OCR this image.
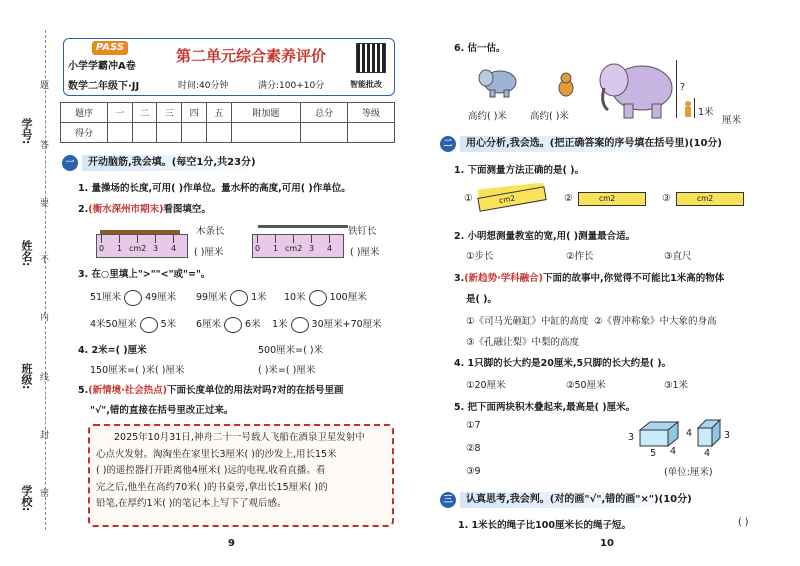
学号:
姓名:
班级:
学校:
题
答
要
不
内
线
封
密
PASS
小学学霸冲A卷
数学二年级下·JJ
第二单元综合素养评价
时间:40分钟	满分:100+10分	智能批改
题序	一	二	三	四	五	附加题	总分	等级
得分								
一	开动脑筋,我会填。(每空1分,共23分)
1. 量操场的长度,可用( )作单位。量水杯的高度,可用( )作单位。
2.(衡水深州市期末)看图填空。
木条长	铁钉长
0 1 cm2 3 4	0 1 cm2 3 4
( )厘米	( )厘米
3. 在○里填上">""<"或"="。
51厘米	49厘米 99厘米	1米 10米	100厘米
4米50厘米	5米 6厘米	6米 1米	30厘米+70厘米
4. 2米=( )厘米	500厘米=( )米
150厘米=( )米( )厘米	( )米=( )厘米
5.(新情境·社会热点)下面长度单位的用法对吗?对的在括号里画
"√",错的直接在括号里改正过来。
2025年10月31日,神舟二十一号载人飞船在酒泉卫星发射中
心点火发射。淘淘坐在家里长3厘米( )的沙发上,用长15米
( )的遥控器打开距离他4厘米( )远的电视,收看直播。看
完之后,他坐在高约70米( )的书桌旁,拿出长15厘米( )的
铅笔,在厚约1米( )的笔记本上写下了观后感。
9
6. 估一估。
?
1米
高约( )米 高约( )米	厘米
二	用心分析,我会选。(把正确答案的序号填在括号里)(10分)
1. 下面测量方法正确的是( )。
①	cm2	②	cm2	③	cm2
2. 小明想测量教室的宽,用( )测量最合适。
①步长	②拃长	③直尺
3.(新趋势·学科融合)下面的故事中,你觉得不可能比1米高的物体
是( )。
①《司马光砸缸》中缸的高度 ②《曹冲称象》中大象的身高
③《孔融让梨》中梨的高度
4. 1只脚的长大约是20厘米,5只脚的长大约是( )。
①20厘米	②50厘米	③1米
5. 把下面两块积木叠起来,最高是( )厘米。
①7
②8
③9
3
5 4
4	3
4
(单位:厘米)
三	认真思考,我会判。(对的画"√",错的画"×")(10分)
1. 1米长的绳子比100厘米长的绳子短。	( )
10
